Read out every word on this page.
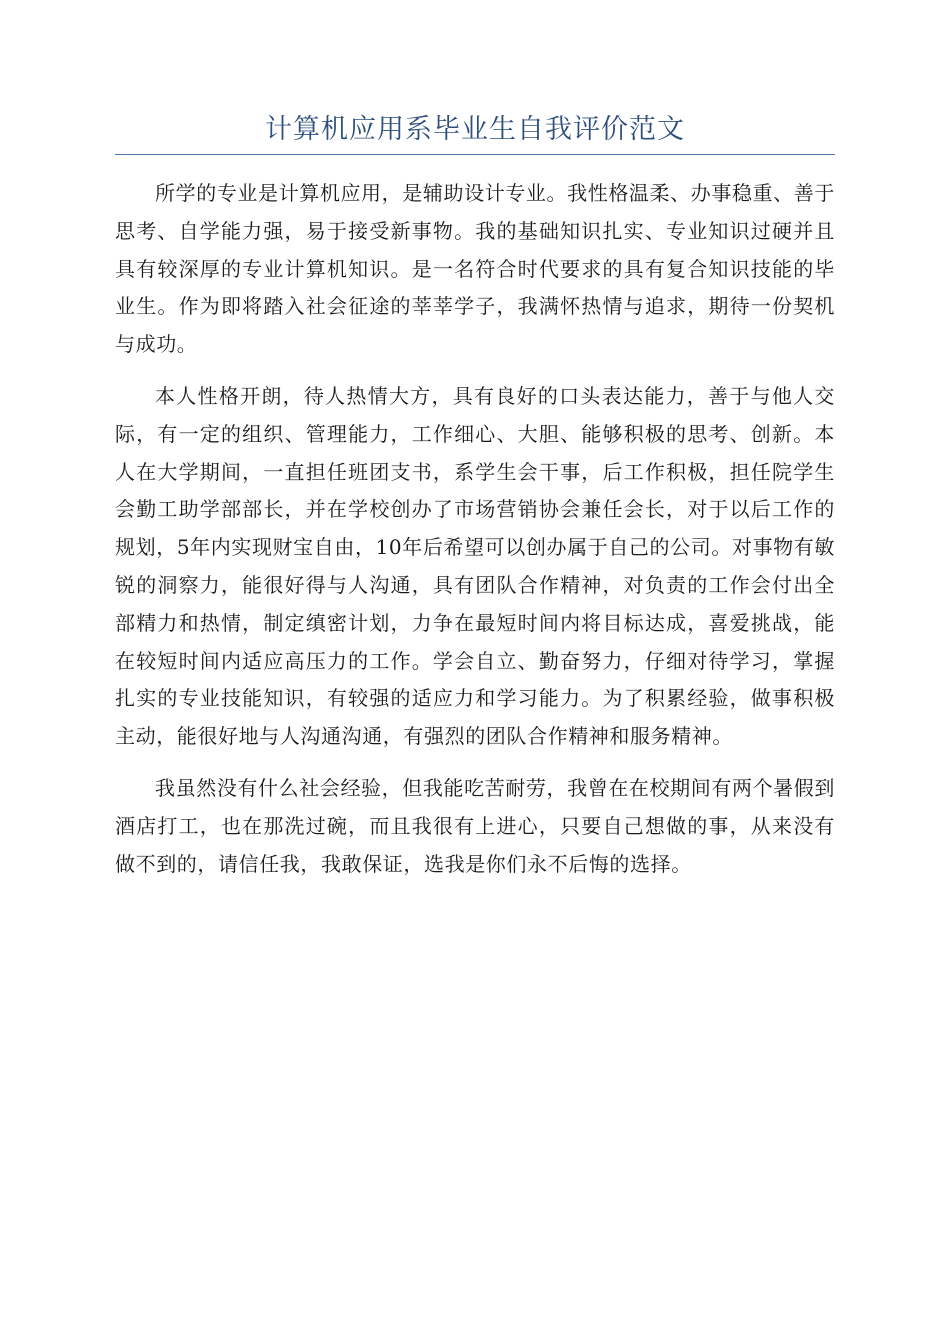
计算机应用系毕业生自我评价范文

所学的专业是计算机应用，是辅助设计专业。我性格温柔、办事稳重、善于思考、自学能力强，易于接受新事物。我的基础知识扎实、专业知识过硬并且具有较深厚的专业计算机知识。是一名符合时代要求的具有复合知识技能的毕业生。作为即将踏入社会征途的莘莘学子，我满怀热情与追求，期待一份契机与成功。

本人性格开朗，待人热情大方，具有良好的口头表达能力，善于与他人交际，有一定的组织、管理能力，工作细心、大胆、能够积极的思考、创新。本人在大学期间，一直担任班团支书，系学生会干事，后工作积极，担任院学生会勤工助学部部长，并在学校创办了市场营销协会兼任会长，对于以后工作的规划，5年内实现财宝自由，10年后希望可以创办属于自己的公司。对事物有敏锐的洞察力，能很好得与人沟通，具有团队合作精神，对负责的工作会付出全部精力和热情，制定缜密计划，力争在最短时间内将目标达成，喜爱挑战，能在较短时间内适应高压力的工作。学会自立、勤奋努力，仔细对待学习，掌握扎实的专业技能知识，有较强的适应力和学习能力。为了积累经验，做事积极主动，能很好地与人沟通沟通，有强烈的团队合作精神和服务精神。

我虽然没有什么社会经验，但我能吃苦耐劳，我曾在在校期间有两个暑假到酒店打工，也在那洗过碗，而且我很有上进心，只要自己想做的事，从来没有做不到的，请信任我，我敢保证，选我是你们永不后悔的选择。
